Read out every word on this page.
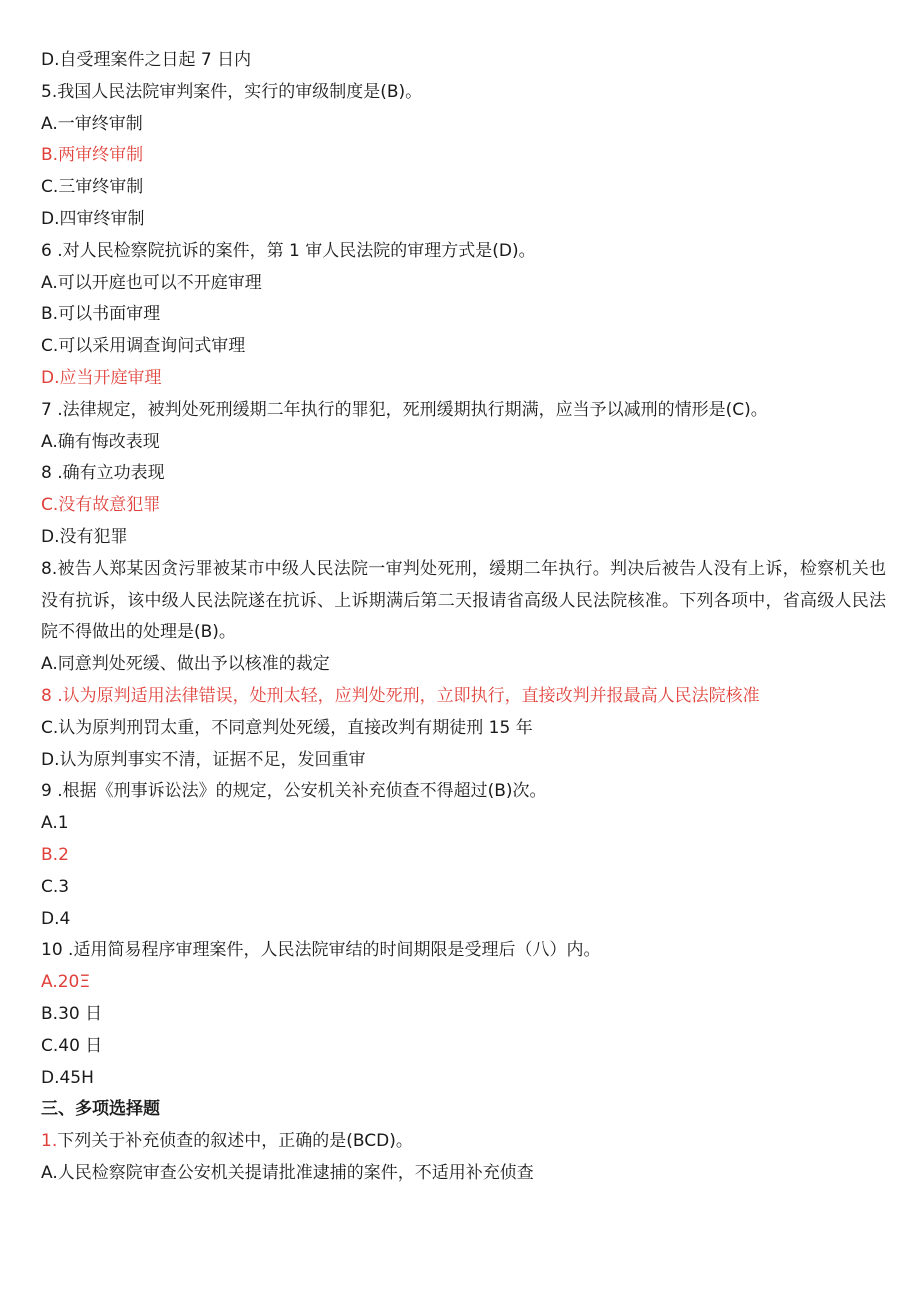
D.自受理案件之日起 7 日内
5.我国人民法院审判案件，实行的审级制度是(B)。
A.一审终审制
B.两审终审制
C.三审终审制
D.四审终审制
6 .对人民检察院抗诉的案件，第 1 审人民法院的审理方式是(D)。
A.可以开庭也可以不开庭审理
B.可以书面审理
C.可以采用调查询问式审理
D.应当开庭审理
7 .法律规定，被判处死刑缓期二年执行的罪犯，死刑缓期执行期满，应当予以减刑的情形是(C)。
A.确有悔改表现
8 .确有立功表现
C.没有故意犯罪
D.没有犯罪
8.被告人郑某因贪污罪被某市中级人民法院一审判处死刑，缓期二年执行。判决后被告人没有上诉，检察机关也没有抗诉，该中级人民法院遂在抗诉、上诉期满后第二天报请省高级人民法院核准。下列各项中，省高级人民法院不得做出的处理是(B)。
A.同意判处死缓、做出予以核准的裁定
8 .认为原判适用法律错误，处刑太轻，应判处死刑，立即执行，直接改判并报最高人民法院核准
C.认为原判刑罚太重，不同意判处死缓，直接改判有期徒刑 15 年
D.认为原判事实不清，证据不足，发回重审
9 .根据《刑事诉讼法》的规定，公安机关补充侦查不得超过(B)次。
A.1
B.2
C.3
D.4
10 .适用简易程序审理案件，人民法院审结的时间期限是受理后（八）内。
A.20Ξ
B.30 日
C.40 日
D.45H
三、多项选择题
1.下列关于补充侦查的叙述中，正确的是(BCD)。
A.人民检察院审查公安机关提请批准逮捕的案件，不适用补充侦查
